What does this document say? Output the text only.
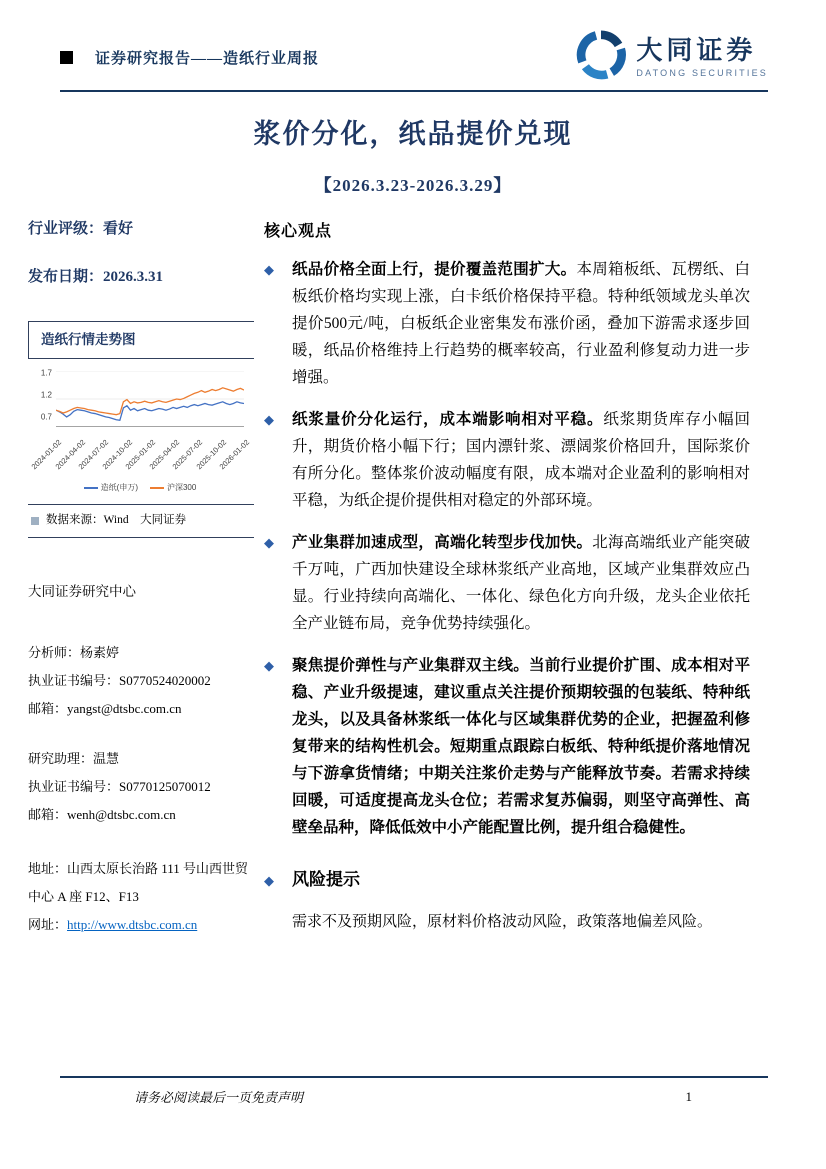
证券研究报告——造纸行业周报	大同证券
DATONG SECURITIES
浆价分化，纸品提价兑现
【2026.3.23-2026.3.29】
行业评级：看好
发布日期：2026.3.31
造纸行情走势图
1.7
1.2
0.7
2024-01-02
2024-04-02
2024-07-02
2024-10-02
2025-01-02
2025-04-02
2025-07-02
2025-10-02
2026-01-02
造纸(申万)	沪深300
数据来源：Wind　大同证券
大同证券研究中心
分析师：杨素婷
执业证书编号：S0770524020002
邮箱：yangst@dtsbc.com.cn
研究助理：温慧
执业证书编号：S0770125070012
邮箱：wenh@dtsbc.com.cn
地址：山西太原长治路 111 号山西世贸中心 A 座 F12、F13
网址：http://www.dtsbc.com.cn
核心观点
◆	纸品价格全面上行，提价覆盖范围扩大。本周箱板纸、瓦楞纸、白板纸价格均实现上涨，白卡纸价格保持平稳。特种纸领域龙头单次提价500元/吨，白板纸企业密集发布涨价函，叠加下游需求逐步回暖，纸品价格维持上行趋势的概率较高，行业盈利修复动力进一步增强。
◆	纸浆量价分化运行，成本端影响相对平稳。纸浆期货库存小幅回升，期货价格小幅下行；国内漂针浆、漂阔浆价格回升，国际浆价有所分化。整体浆价波动幅度有限，成本端对企业盈利的影响相对平稳，为纸企提价提供相对稳定的外部环境。
◆	产业集群加速成型，高端化转型步伐加快。北海高端纸业产能突破千万吨，广西加快建设全球林浆纸产业高地，区域产业集群效应凸显。行业持续向高端化、一体化、绿色化方向升级，龙头企业依托全产业链布局，竞争优势持续强化。
◆	聚焦提价弹性与产业集群双主线。当前行业提价扩围、成本相对平稳、产业升级提速，建议重点关注提价预期较强的包装纸、特种纸龙头，以及具备林浆纸一体化与区域集群优势的企业，把握盈利修复带来的结构性机会。短期重点跟踪白板纸、特种纸提价落地情况与下游拿货情绪；中期关注浆价走势与产能释放节奏。若需求持续回暖，可适度提高龙头仓位；若需求复苏偏弱，则坚守高弹性、高壁垒品种，降低低效中小产能配置比例，提升组合稳健性。
◆	风险提示
需求不及预期风险，原材料价格波动风险，政策落地偏差风险。
请务必阅读最后一页免责声明	1
